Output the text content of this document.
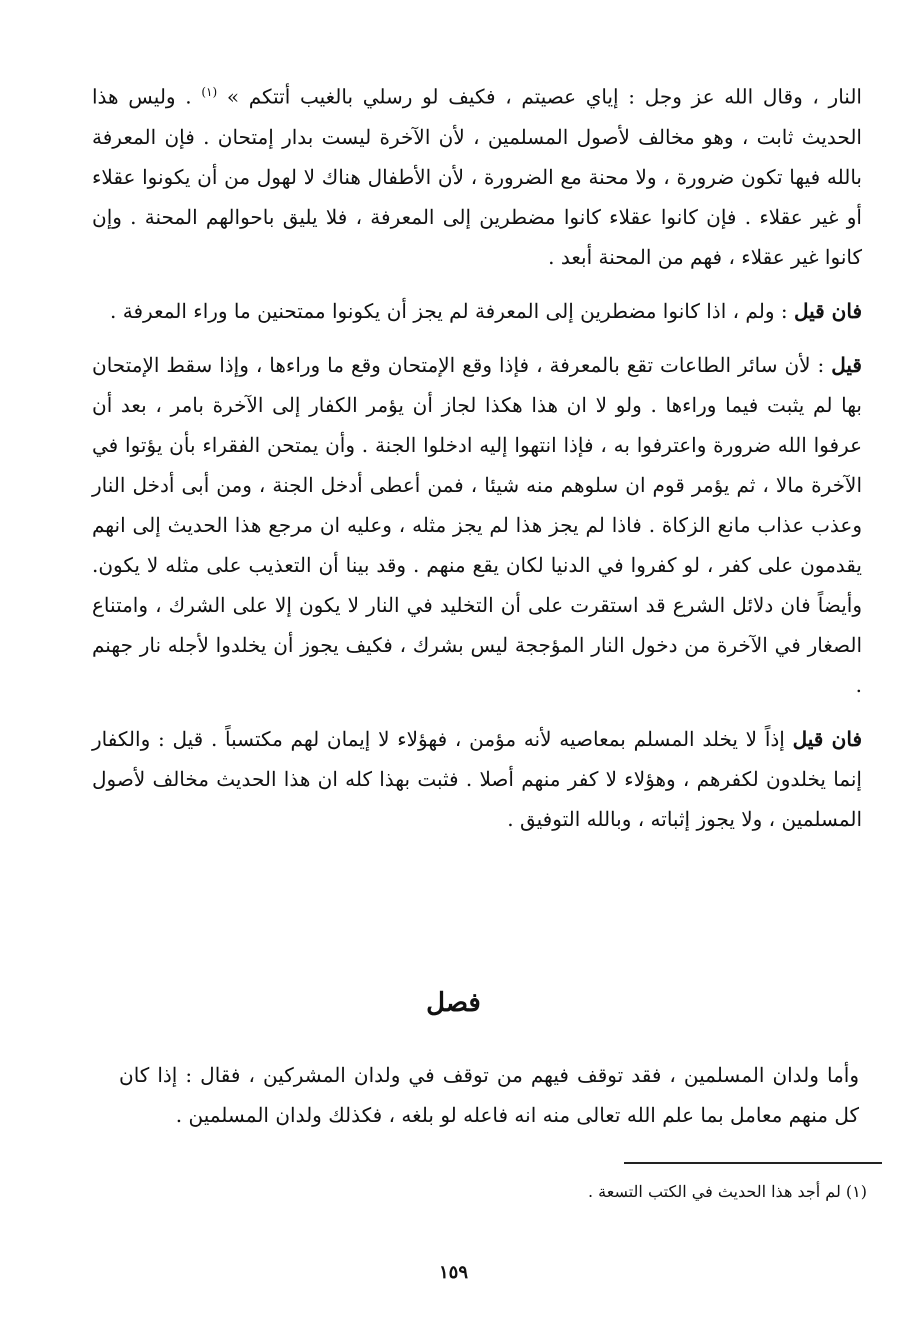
النار ، وقال الله عز وجل : إياي عصيتم ، فكيف لو رسلي بالغيب أتتكم » $^{(١)}$ . وليس هذا الحديث ثابت ، وهو مخالف لأصول المسلمين ، لأن الآخرة ليست بدار إمتحان . فإن المعرفة بالله فيها تكون ضرورة ، ولا محنة مع الضرورة ، لأن الأطفال هناك لا لهول من أن يكونوا عقلاء أو غير عقلاء . فإن كانوا عقلاء كانوا مضطرين إلى المعرفة ، فلا يليق باحوالهم المحنة . وإن كانوا غير عقلاء ، فهم من المحنة أبعد .

فان قيل : ولم ، اذا كانوا مضطرين إلى المعرفة لم يجز أن يكونوا ممتحنين ما وراء المعرفة .

قيل : لأن سائر الطاعات تقع بالمعرفة ، فإذا وقع الإمتحان وقع ما وراءها ، وإذا سقط الإمتحان بها لم يثبت فيما وراءها . ولو لا ان هذا هكذا لجاز أن يؤمر الكفار إلى الآخرة بامر ، بعد أن عرفوا الله ضرورة واعترفوا به ، فإذا انتهوا إليه ادخلوا الجنة . وأن يمتحن الفقراء بأن يؤتوا في الآخرة مالا ، ثم يؤمر قوم ان سلوهم منه شيئا ، فمن أعطى أدخل الجنة ، ومن أبى أدخل النار وعذب عذاب مانع الزكاة . فاذا لم يجز هذا لم يجز مثله ، وعليه ان مرجع هذا الحديث إلى انهم يقدمون على كفر ، لو كفروا في الدنيا لكان يقع منهم . وقد بينا أن التعذيب على مثله لا يكون. وأيضاً فان دلائل الشرع قد استقرت على أن التخليد في النار لا يكون إلا على الشرك ، وامتناع الصغار في الآخرة من دخول النار المؤججة ليس بشرك ، فكيف يجوز أن يخلدوا لأجله نار جهنم .

فان قيل إذاً لا يخلد المسلم بمعاصيه لأنه مؤمن ، فهؤلاء لا إيمان لهم مكتسباً . قيل : والكفار إنما يخلدون لكفرهم ، وهؤلاء لا كفر منهم أصلا . فثبت بهذا كله ان هذا الحديث مخالف لأصول المسلمين ، ولا يجوز إثباته ، وبالله التوفيق .

فصل

وأما ولدان المسلمين ، فقد توقف فيهم من توقف في ولدان المشركين ، فقال : إذا كان كل منهم معامل بما علم الله تعالى منه انه فاعله لو بلغه ، فكذلك ولدان المسلمين .

(١) لم أجد هذا الحديث في الكتب التسعة .

١٥٩
